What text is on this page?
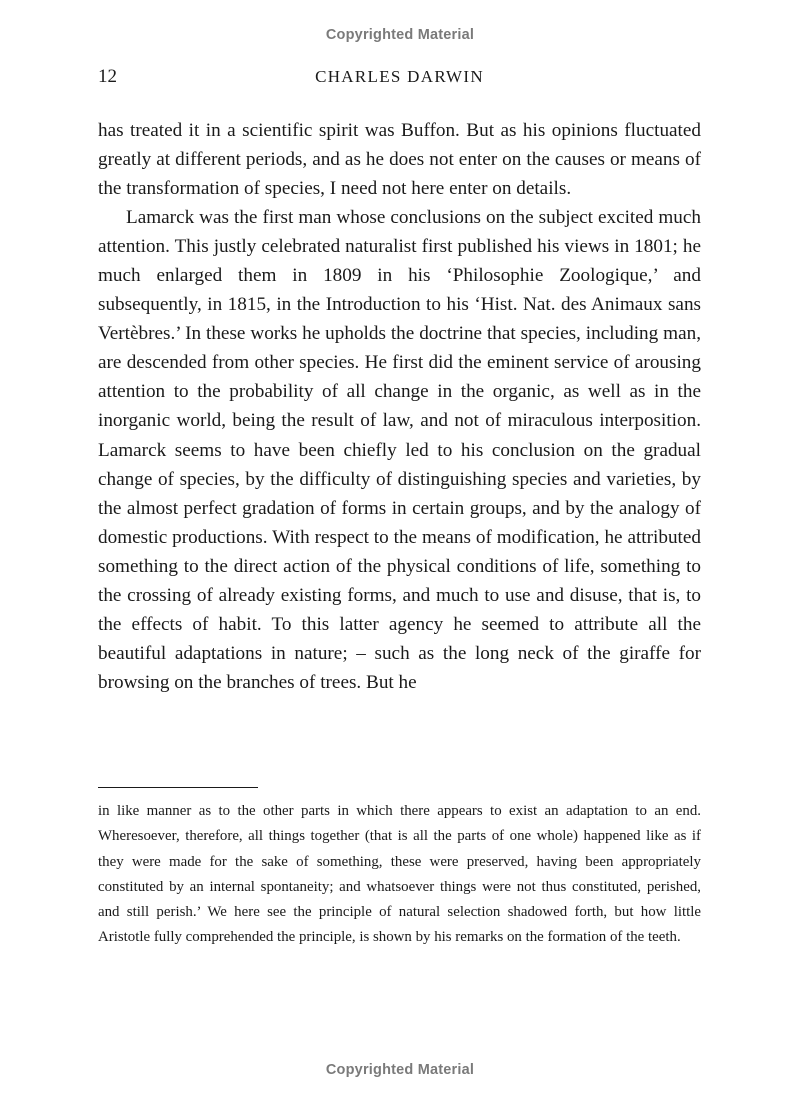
Copyrighted Material
12	CHARLES DARWIN

has treated it in a scientific spirit was Buffon. But as his opinions fluctuated greatly at different periods, and as he does not enter on the causes or means of the transformation of species, I need not here enter on details.

Lamarck was the first man whose conclusions on the subject excited much attention. This justly celebrated naturalist first published his views in 1801; he much enlarged them in 1809 in his ‘Philosophie Zoologique,’ and subsequently, in 1815, in the Introduction to his ‘Hist. Nat. des Animaux sans Vertèbres.’ In these works he upholds the doctrine that species, including man, are descended from other species. He first did the eminent service of arousing attention to the probability of all change in the organic, as well as in the inorganic world, being the result of law, and not of miraculous interposition. Lamarck seems to have been chiefly led to his conclusion on the gradual change of species, by the difficulty of distinguishing species and varieties, by the almost perfect gradation of forms in certain groups, and by the analogy of domestic productions. With respect to the means of modification, he attributed something to the direct action of the physical conditions of life, something to the crossing of already existing forms, and much to use and disuse, that is, to the effects of habit. To this latter agency he seemed to attribute all the beautiful adaptations in nature; – such as the long neck of the giraffe for browsing on the branches of trees. But he

in like manner as to the other parts in which there appears to exist an adaptation to an end. Wheresoever, therefore, all things together (that is all the parts of one whole) happened like as if they were made for the sake of something, these were preserved, having been appropriately constituted by an internal spontaneity; and whatsoever things were not thus constituted, perished, and still perish.’ We here see the principle of natural selection shadowed forth, but how little Aristotle fully comprehended the principle, is shown by his remarks on the formation of the teeth.

Copyrighted Material
